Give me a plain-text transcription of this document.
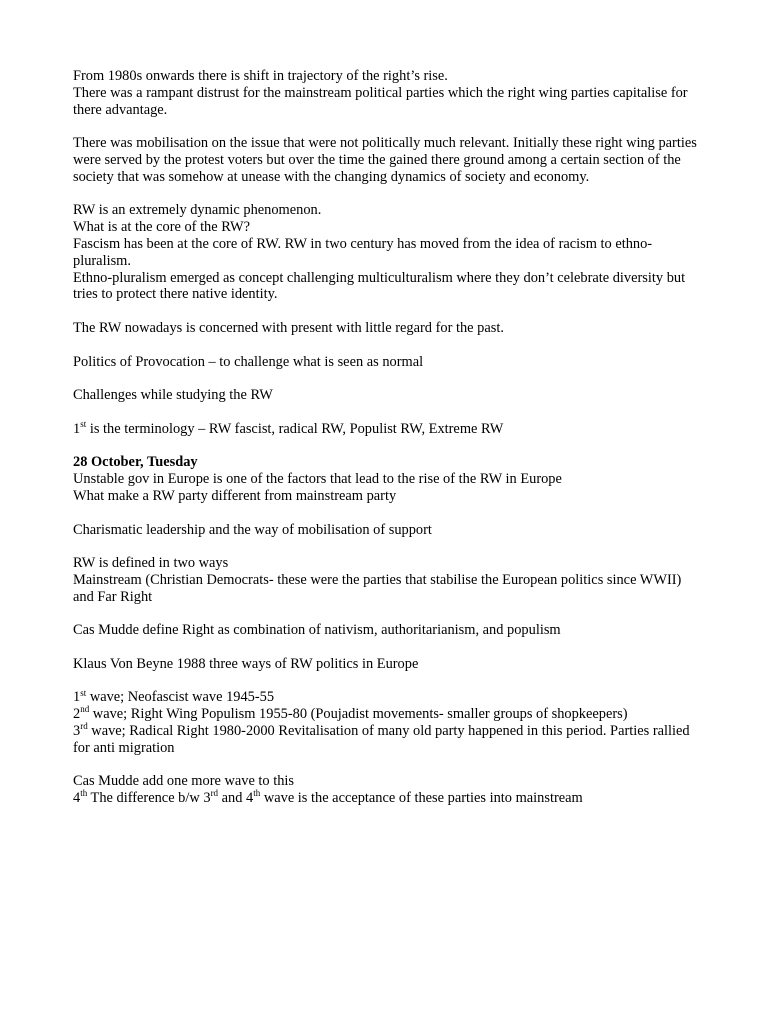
From 1980s onwards there is shift in trajectory of the right’s rise.
There was a rampant distrust for the mainstream political parties which the right wing parties capitalise for there advantage.
There was mobilisation on the issue that were not politically much relevant. Initially these right wing parties were served by the protest voters but over the time the gained there ground among a certain section of the society that was somehow at unease with the changing dynamics of society and economy.
RW is an extremely dynamic phenomenon.
What is at the core of the RW?
Fascism has been at the core of RW. RW in two century has moved from the idea of racism to ethno-pluralism.
Ethno-pluralism emerged as concept challenging multiculturalism where they don’t celebrate diversity but tries to protect there native identity.
The RW nowadays is concerned with present with little regard for the past.
Politics of Provocation – to challenge what is seen as normal
Challenges while studying the RW
1st is the terminology – RW fascist, radical RW, Populist RW, Extreme RW
28 October, Tuesday
Unstable gov in Europe is one of the factors that lead to the rise of the RW in Europe
What make a RW party different from mainstream party
Charismatic leadership and the way of mobilisation of support
RW is defined in two ways
Mainstream (Christian Democrats- these were the parties that stabilise the European politics since WWII) and Far Right
Cas Mudde define Right as combination of nativism, authoritarianism, and populism
Klaus Von Beyne 1988 three ways of RW politics in Europe
1st wave; Neofascist wave 1945-55
2nd wave; Right Wing Populism 1955-80 (Poujadist movements- smaller groups of shopkeepers)
3rd wave; Radical Right 1980-2000 Revitalisation of many old party happened in this period. Parties rallied for anti migration
Cas Mudde add one more wave to this
4th The difference b/w 3rd and 4th wave is the acceptance of these parties into mainstream
